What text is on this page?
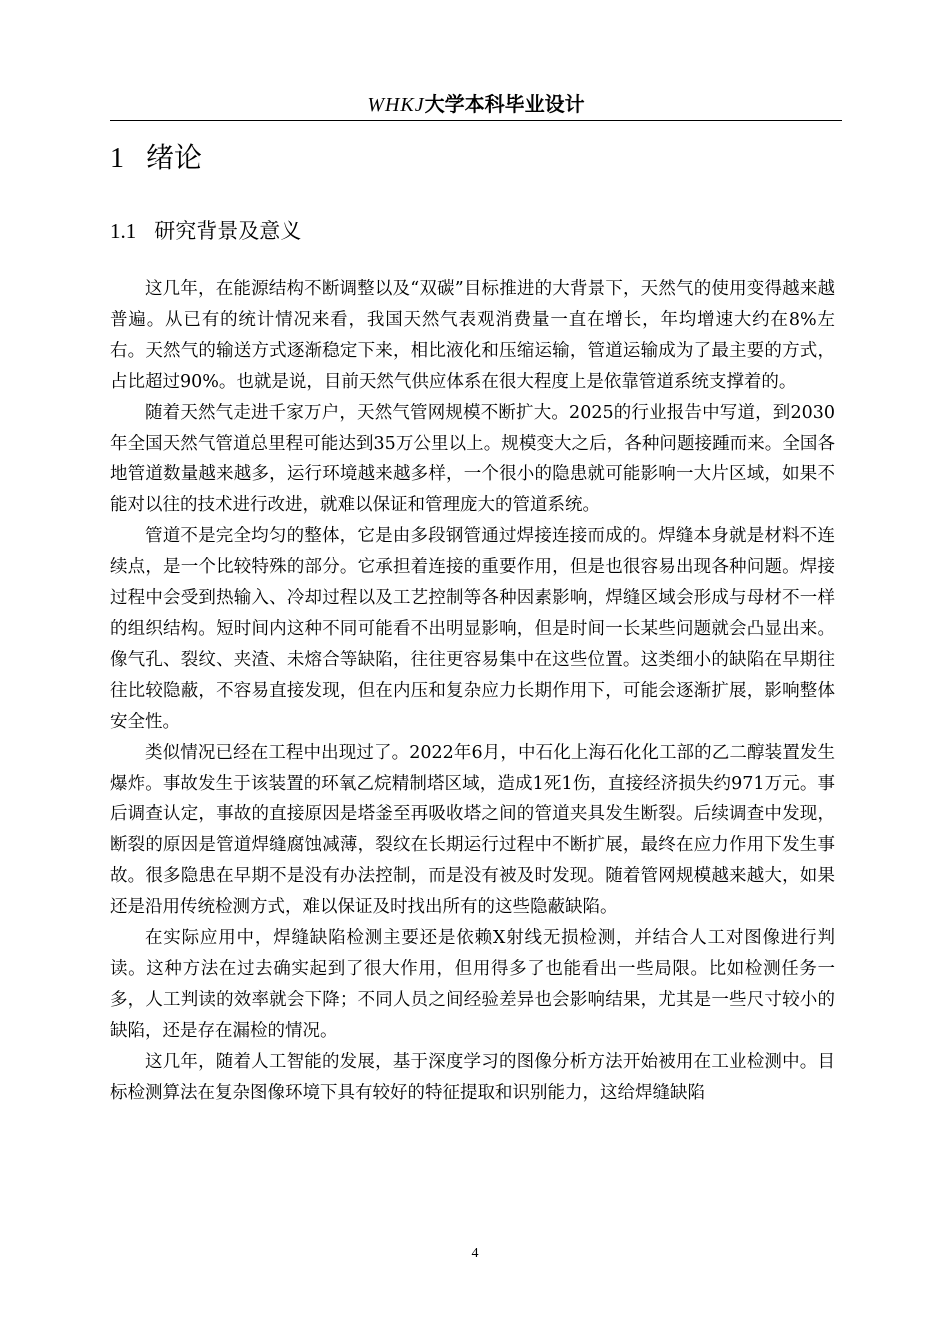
WHKJ大学本科毕业设计
1 绪论
1.1 研究背景及意义

这几年，在能源结构不断调整以及“双碳”目标推进的大背景下，天然气的使用变得越来越普遍。从已有的统计情况来看，我国天然气表观消费量一直在增长，年均增速大约在8%左右。天然气的输送方式逐渐稳定下来，相比液化和压缩运输，管道运输成为了最主要的方式，占比超过90%。也就是说，目前天然气供应体系在很大程度上是依靠管道系统支撑着的。

随着天然气走进千家万户，天然气管网规模不断扩大。2025的行业报告中写道，到2030年全国天然气管道总里程可能达到35万公里以上。规模变大之后，各种问题接踵而来。全国各地管道数量越来越多，运行环境越来越多样，一个很小的隐患就可能影响一大片区域，如果不能对以往的技术进行改进，就难以保证和管理庞大的管道系统。

管道不是完全均匀的整体，它是由多段钢管通过焊接连接而成的。焊缝本身就是材料不连续点，是一个比较特殊的部分。它承担着连接的重要作用，但是也很容易出现各种问题。焊接过程中会受到热输入、冷却过程以及工艺控制等各种因素影响，焊缝区域会形成与母材不一样的组织结构。短时间内这种不同可能看不出明显影响，但是时间一长某些问题就会凸显出来。像气孔、裂纹、夹渣、未熔合等缺陷，往往更容易集中在这些位置。这类细小的缺陷在早期往往比较隐蔽，不容易直接发现，但在内压和复杂应力长期作用下，可能会逐渐扩展，影响整体安全性。

类似情况已经在工程中出现过了。2022年6月，中石化上海石化化工部的乙二醇装置发生爆炸。事故发生于该装置的环氧乙烷精制塔区域，造成1死1伤，直接经济损失约971万元。事后调查认定，事故的直接原因是塔釜至再吸收塔之间的管道夹具发生断裂。后续调查中发现，断裂的原因是管道焊缝腐蚀减薄，裂纹在长期运行过程中不断扩展，最终在应力作用下发生事故。很多隐患在早期不是没有办法控制，而是没有被及时发现。随着管网规模越来越大，如果还是沿用传统检测方式，难以保证及时找出所有的这些隐蔽缺陷。

在实际应用中，焊缝缺陷检测主要还是依赖X射线无损检测，并结合人工对图像进行判读。这种方法在过去确实起到了很大作用，但用得多了也能看出一些局限。比如检测任务一多，人工判读的效率就会下降；不同人员之间经验差异也会影响结果，尤其是一些尺寸较小的缺陷，还是存在漏检的情况。

这几年，随着人工智能的发展，基于深度学习的图像分析方法开始被用在工业检测中。目标检测算法在复杂图像环境下具有较好的特征提取和识别能力，这给焊缝缺陷

4
